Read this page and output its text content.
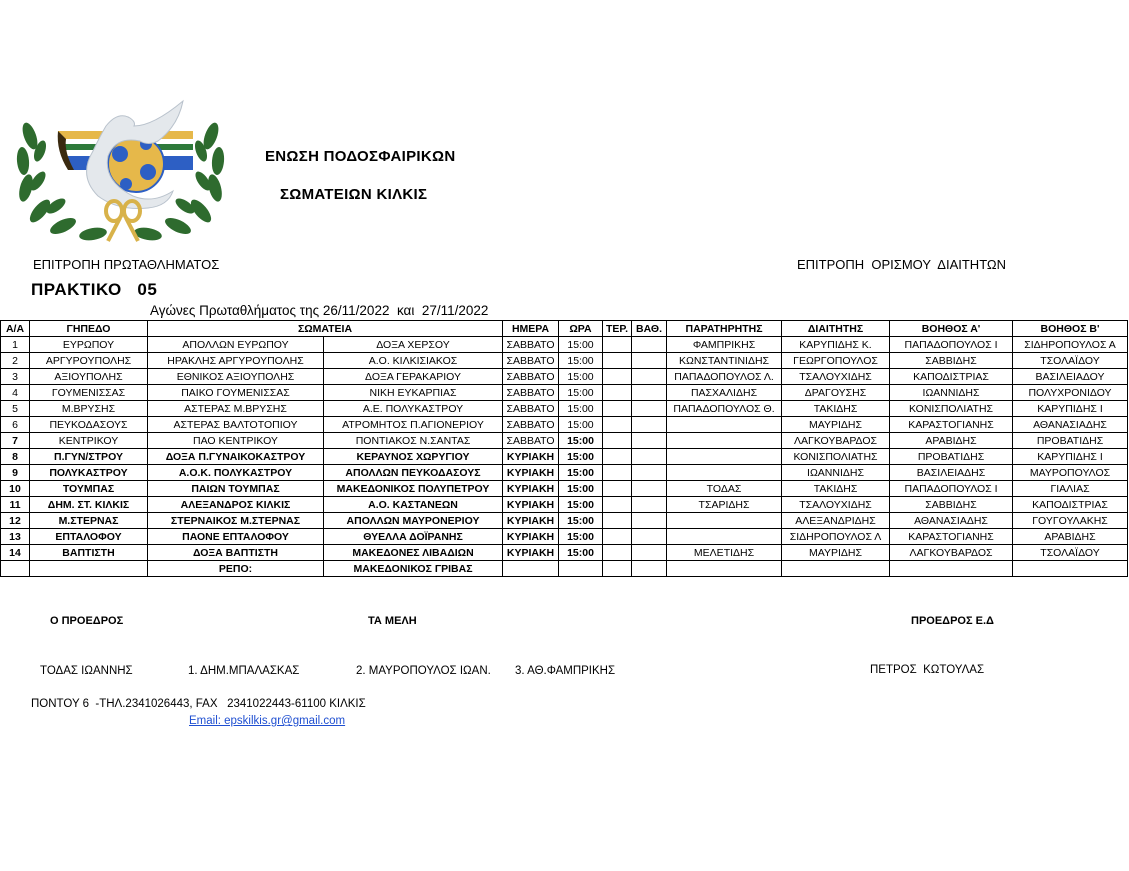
ΕΝΩΣΗ ΠΟΔΟΣΦΑΙΡΙΚΩΝ
ΣΩΜΑΤΕΙΩΝ ΚΙΛΚΙΣ
ΕΠΙΤΡΟΠΗ ΠΡΩΤΑΘΛΗΜΑΤΟΣ	ΕΠΙΤΡΟΠΗ  ΟΡΙΣΜΟΥ  ΔΙΑΙΤΗΤΩΝ
ΠΡΑΚΤΙΚΟ   05
Αγώνες Πρωταθλήματος της 26/11/2022  και  27/11/2022
Α/Α	ΓΗΠΕΔΟ	ΣΩΜΑΤΕΙΑ		ΗΜΕΡΑ	ΩΡΑ	ΤΕΡ.	ΒΑΘ.	ΠΑΡΑΤΗΡΗΤΗΣ	ΔΙΑΙΤΗΤΗΣ	ΒΟΗΘΟΣ Α'	ΒΟΗΘΟΣ Β'
1	ΕΥΡΩΠΟΥ	ΑΠΟΛΛΩΝ ΕΥΡΩΠΟΥ	ΔΟΞΑ ΧΕΡΣΟΥ	ΣΑΒΒΑΤΟ	15:00			ΦΑΜΠΡΙΚΗΣ	ΚΑΡΥΠΙΔΗΣ Κ.	ΠΑΠΑΔΟΠΟΥΛΟΣ Ι	ΣΙΔΗΡΟΠΟΥΛΟΣ Α
2	ΑΡΓΥΡΟΥΠΟΛΗΣ	ΗΡΑΚΛΗΣ ΑΡΓΥΡΟΥΠΟΛΗΣ	Α.Ο. ΚΙΛΚΙΣΙΑΚΟΣ	ΣΑΒΒΑΤΟ	15:00			ΚΩΝΣΤΑΝΤΙΝΙΔΗΣ	ΓΕΩΡΓΟΠΟΥΛΟΣ	ΣΑΒΒΙΔΗΣ	ΤΣΟΛΑΪΔΟΥ
3	ΑΞΙΟΥΠΟΛΗΣ	ΕΘΝΙΚΟΣ ΑΞΙΟΥΠΟΛΗΣ	ΔΟΞΑ ΓΕΡΑΚΑΡΙΟΥ	ΣΑΒΒΑΤΟ	15:00			ΠΑΠΑΔΟΠΟΥΛΟΣ Λ.	ΤΣΑΛΟΥΧΙΔΗΣ	ΚΑΠΟΔΙΣΤΡΙΑΣ	ΒΑΣΙΛΕΙΑΔΟΥ
4	ΓΟΥΜΕΝΙΣΣΑΣ	ΠΑΙΚΟ ΓΟΥΜΕΝΙΣΣΑΣ	ΝΙΚΗ ΕΥΚΑΡΠΙΑΣ	ΣΑΒΒΑΤΟ	15:00			ΠΑΣΧΑΛΙΔΗΣ	ΔΡΑΓΟΥΣΗΣ	ΙΩΑΝΝΙΔΗΣ	ΠΟΛΥΧΡΟΝΙΔΟΥ
5	Μ.ΒΡΥΣΗΣ	ΑΣΤΕΡΑΣ Μ.ΒΡΥΣΗΣ	Α.Ε. ΠΟΛΥΚΑΣΤΡΟΥ	ΣΑΒΒΑΤΟ	15:00			ΠΑΠΑΔΟΠΟΥΛΟΣ Θ.	ΤΑΚΙΔΗΣ	ΚΟΝΙΣΠΟΛΙΑΤΗΣ	ΚΑΡΥΠΙΔΗΣ Ι
6	ΠΕΥΚΟΔΑΣΟΥΣ	ΑΣΤΕΡΑΣ ΒΑΛΤΟΤΟΠΙΟΥ	ΑΤΡΟΜΗΤΟΣ Π.ΑΓΙΟΝΕΡΙΟΥ	ΣΑΒΒΑΤΟ	15:00				ΜΑΥΡΙΔΗΣ	ΚΑΡΑΣΤΟΓΙΑΝΗΣ	ΑΘΑΝΑΣΙΑΔΗΣ
7	ΚΕΝΤΡΙΚΟΥ	ΠΑΟ ΚΕΝΤΡΙΚΟΥ	ΠΟΝΤΙΑΚΟΣ Ν.ΣΑΝΤΑΣ	ΣΑΒΒΑΤΟ	15:00				ΛΑΓΚΟΥΒΑΡΔΟΣ	ΑΡΑΒΙΔΗΣ	ΠΡΟΒΑΤΙΔΗΣ
8	Π.ΓΥΝ/ΣΤΡΟΥ	ΔΟΞΑ Π.ΓΥΝΑΙΚΟΚΑΣΤΡΟΥ	ΚΕΡΑΥΝΟΣ ΧΩΡΥΓΙΟΥ	ΚΥΡΙΑΚΗ	15:00				ΚΟΝΙΣΠΟΛΙΑΤΗΣ	ΠΡΟΒΑΤΙΔΗΣ	ΚΑΡΥΠΙΔΗΣ Ι
9	ΠΟΛΥΚΑΣΤΡΟΥ	Α.Ο.Κ. ΠΟΛΥΚΑΣΤΡΟΥ	ΑΠΟΛΛΩΝ ΠΕΥΚΟΔΑΣΟΥΣ	ΚΥΡΙΑΚΗ	15:00				ΙΩΑΝΝΙΔΗΣ	ΒΑΣΙΛΕΙΑΔΗΣ	ΜΑΥΡΟΠΟΥΛΟΣ
10	ΤΟΥΜΠΑΣ	ΠΑΙΩΝ ΤΟΥΜΠΑΣ	ΜΑΚΕΔΟΝΙΚΟΣ ΠΟΛΥΠΕΤΡΟΥ	ΚΥΡΙΑΚΗ	15:00			ΤΟΔΑΣ	ΤΑΚΙΔΗΣ	ΠΑΠΑΔΟΠΟΥΛΟΣ Ι	ΓΙΑΛΙΑΣ
11	ΔΗΜ. ΣΤ. ΚΙΛΚΙΣ	ΑΛΕΞΑΝΔΡΟΣ ΚΙΛΚΙΣ	Α.Ο. ΚΑΣΤΑΝΕΩΝ	ΚΥΡΙΑΚΗ	15:00			ΤΣΑΡΙΔΗΣ	ΤΣΑΛΟΥΧΙΔΗΣ	ΣΑΒΒΙΔΗΣ	ΚΑΠΟΔΙΣΤΡΙΑΣ
12	Μ.ΣΤΕΡΝΑΣ	ΣΤΕΡΝΑΙΚΟΣ Μ.ΣΤΕΡΝΑΣ	ΑΠΟΛΛΩΝ ΜΑΥΡΟΝΕΡΙΟΥ	ΚΥΡΙΑΚΗ	15:00				ΑΛΕΞΑΝΔΡΙΔΗΣ	ΑΘΑΝΑΣΙΑΔΗΣ	ΓΟΥΓΟΥΛΑΚΗΣ
13	ΕΠΤΑΛΟΦΟΥ	ΠΑΟΝΕ ΕΠΤΑΛΟΦΟΥ	ΘΥΕΛΛΑ ΔΟΪΡΑΝΗΣ	ΚΥΡΙΑΚΗ	15:00				ΣΙΔΗΡΟΠΟΥΛΟΣ Λ	ΚΑΡΑΣΤΟΓΙΑΝΗΣ	ΑΡΑΒΙΔΗΣ
14	ΒΑΠΤΙΣΤΗ	ΔΟΞΑ ΒΑΠΤΙΣΤΗ	ΜΑΚΕΔΟΝΕΣ ΛΙΒΑΔΙΩΝ	ΚΥΡΙΑΚΗ	15:00			ΜΕΛΕΤΙΔΗΣ	ΜΑΥΡΙΔΗΣ	ΛΑΓΚΟΥΒΑΡΔΟΣ	ΤΣΟΛΑΪΔΟΥ
		ΡΕΠΟ:	ΜΑΚΕΔΟΝΙΚΟΣ ΓΡΙΒΑΣ								
Ο ΠΡΟΕΔΡΟΣ	ΤΑ ΜΕΛΗ	ΠΡΟΕΔΡΟΣ Ε.Δ
ΤΟΔΑΣ ΙΩΑΝΝΗΣ	1. ΔΗΜ.ΜΠΑΛΑΣΚΑΣ	2. ΜΑΥΡΟΠΟΥΛΟΣ ΙΩΑΝ. 3. ΑΘ.ΦΑΜΠΡΙΚΗΣ	ΠΕΤΡΟΣ  ΚΩΤΟΥΛΑΣ
ΠΟΝΤΟΥ 6  -ΤΗΛ.2341026443, FAX   2341022443-61100 ΚΙΛΚΙΣ
Email: epskilkis.gr@gmail.com
